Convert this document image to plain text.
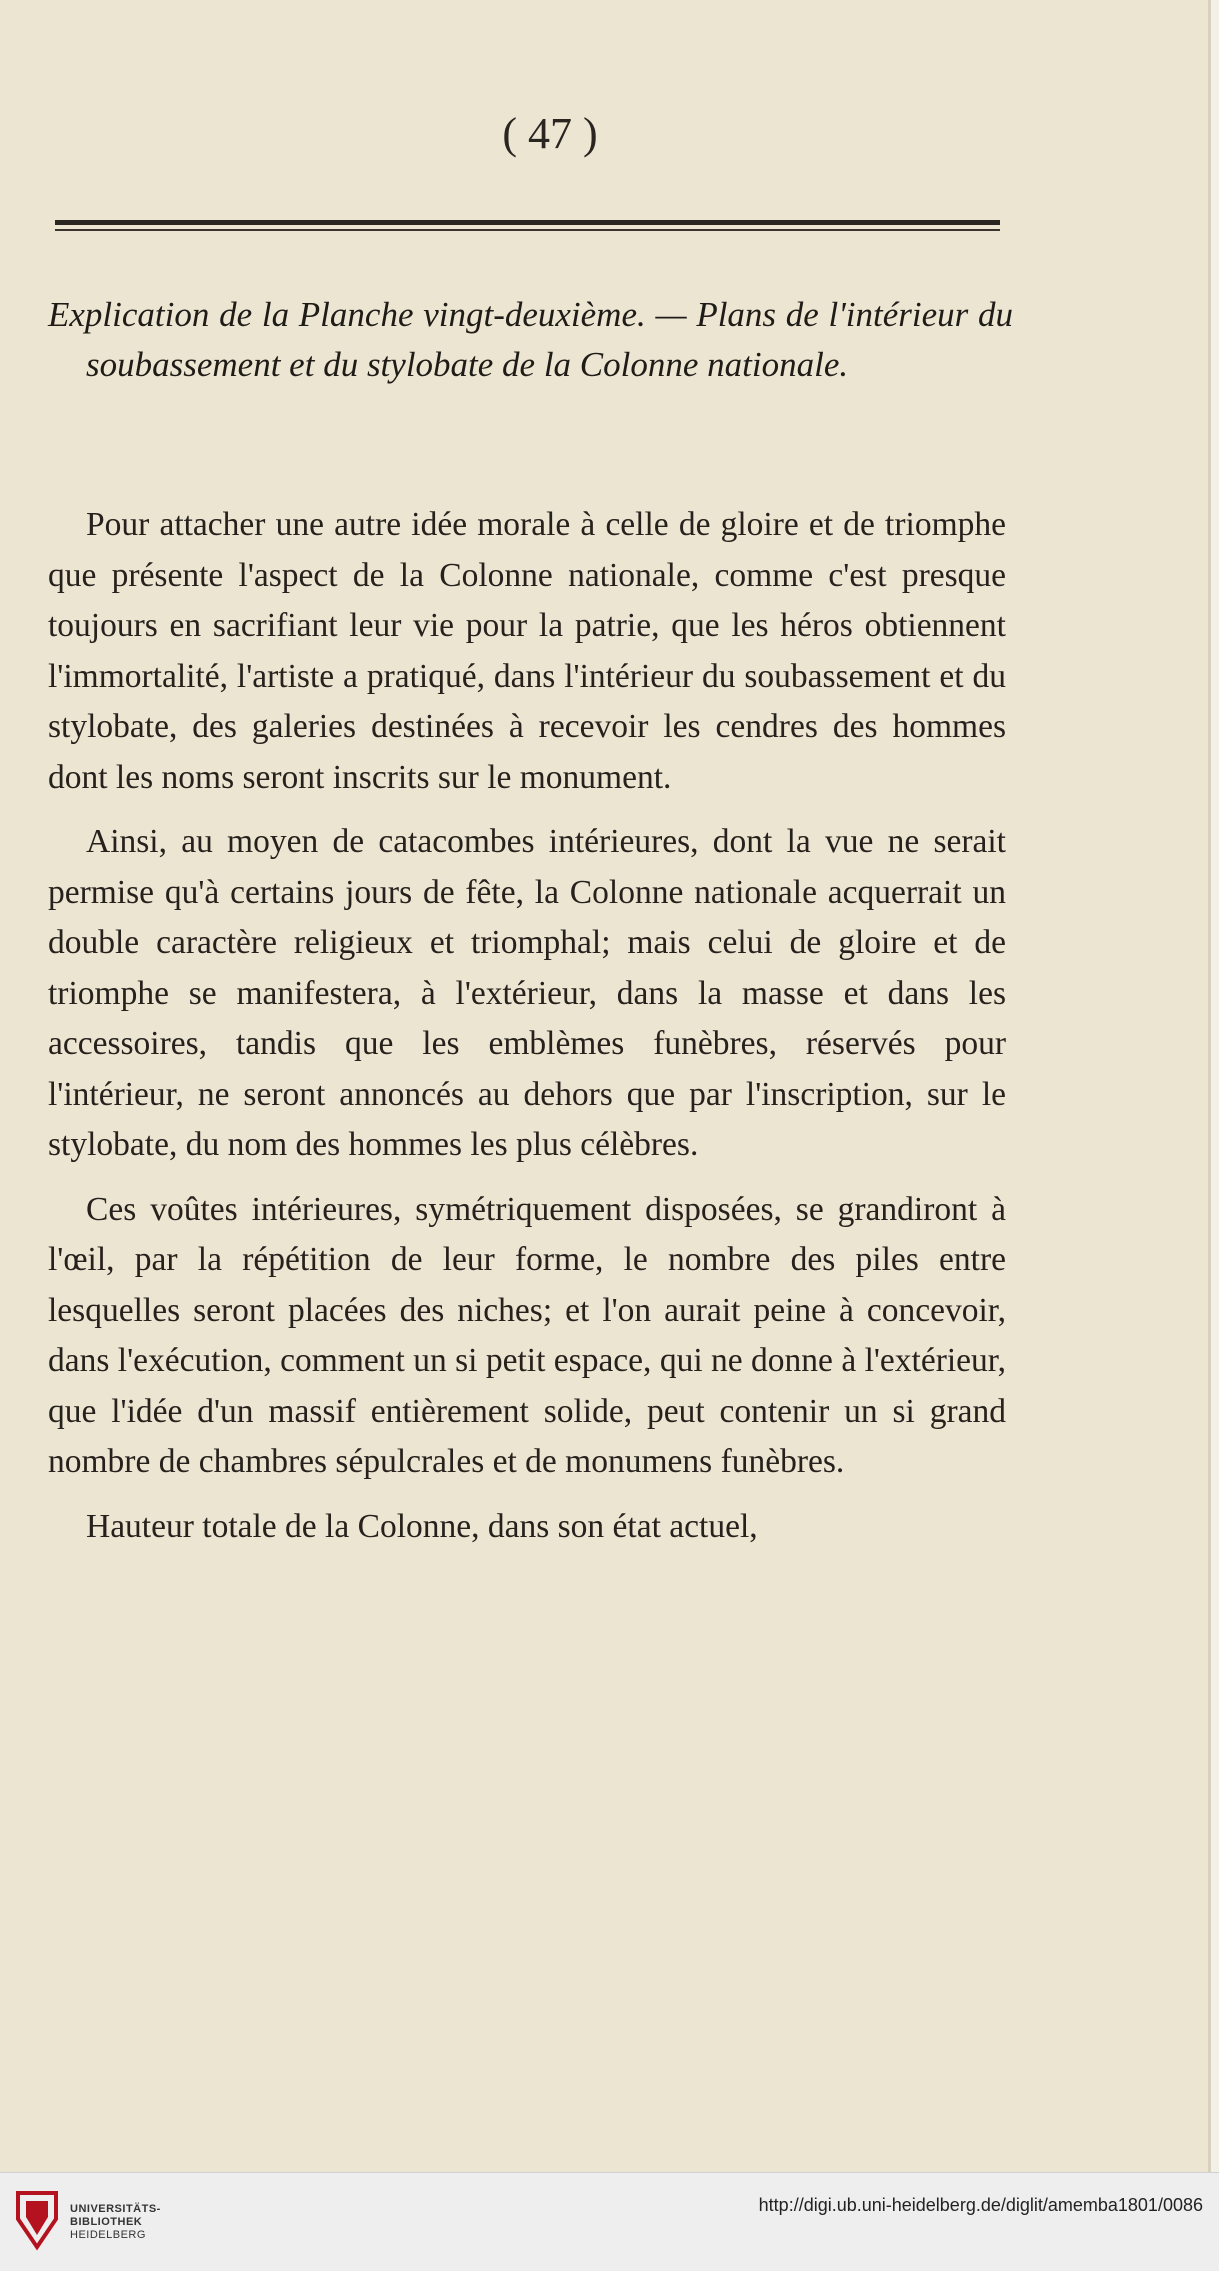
( 47 )
Explication de la Planche vingt-deuxième. — Plans de l'intérieur du soubassement et du stylobate de la Colonne nationale.

Pour attacher une autre idée morale à celle de gloire et de triomphe que présente l'aspect de la Colonne nationale, comme c'est presque toujours en sacrifiant leur vie pour la patrie, que les héros obtiennent l'immortalité, l'artiste a pratiqué, dans l'intérieur du soubassement et du stylobate, des galeries destinées à recevoir les cendres des hommes dont les noms seront inscrits sur le monument.

Ainsi, au moyen de catacombes intérieures, dont la vue ne serait permise qu'à certains jours de fête, la Colonne nationale acquerrait un double caractère religieux et triomphal; mais celui de gloire et de triomphe se manifestera, à l'extérieur, dans la masse et dans les accessoires, tandis que les emblèmes funèbres, réservés pour l'intérieur, ne seront annoncés au dehors que par l'inscription, sur le stylobate, du nom des hommes les plus célèbres.

Ces voûtes intérieures, symétriquement disposées, se grandiront à l'œil, par la répétition de leur forme, le nombre des piles entre lesquelles seront placées des niches; et l'on aurait peine à concevoir, dans l'exécution, comment un si petit espace, qui ne donne à l'extérieur, que l'idée d'un massif entièrement solide, peut contenir un si grand nombre de chambres sépulcrales et de monumens funèbres.

Hauteur totale de la Colonne, dans son état actuel,

UNIVERSITÄTS-
BIBLIOTHEK
HEIDELBERG
http://digi.ub.uni-heidelberg.de/diglit/amemba1801/0086
